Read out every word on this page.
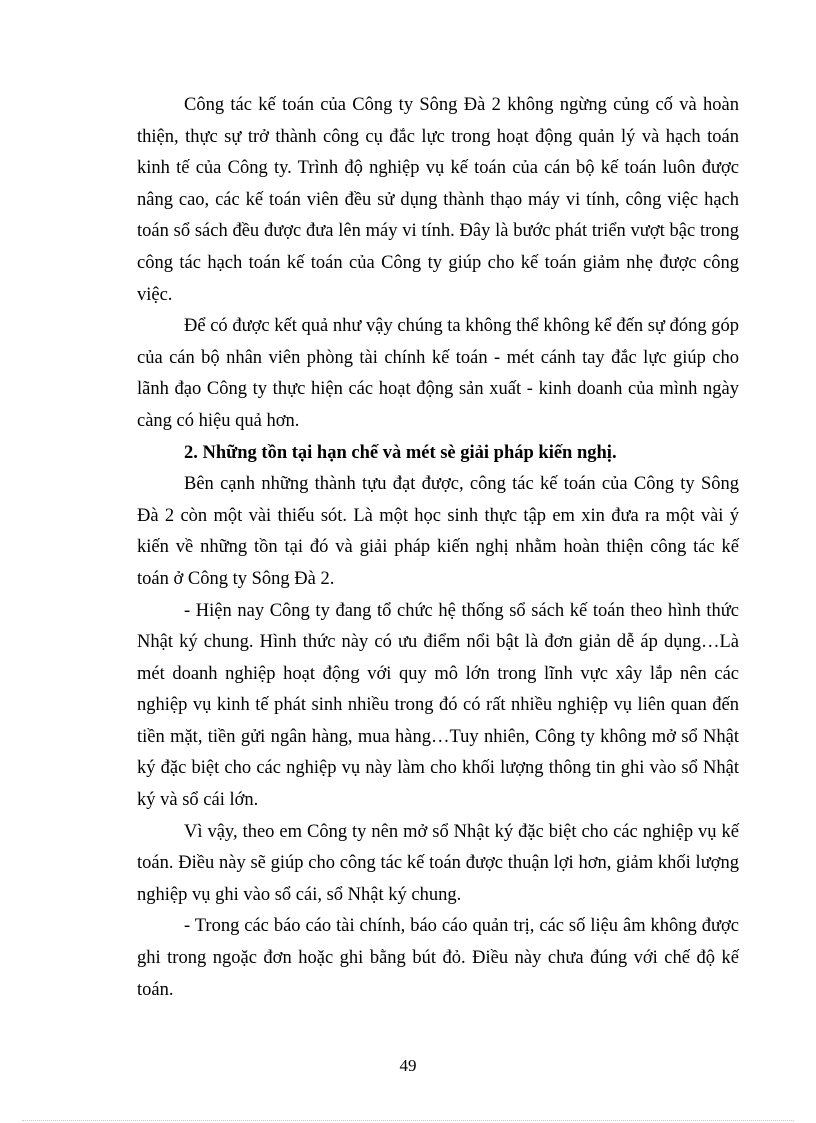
Công tác kế toán của Công ty Sông Đà 2 không ngừng củng cố và hoàn thiện, thực sự trở thành công cụ đắc lực trong hoạt động quản lý và hạch toán kinh tế của Công ty. Trình độ nghiệp vụ kế toán của cán bộ kế toán luôn được nâng cao, các kế toán viên đều sử dụng thành thạo máy vi tính, công việc hạch toán sổ sách đều được đưa lên máy vi tính. Đây là bước phát triển vượt bậc trong công tác hạch toán kế toán của Công ty giúp cho kế toán giảm nhẹ được công việc.

Để có được kết quả như vậy chúng ta không thể không kể đến sự đóng góp của cán bộ nhân viên phòng tài chính kế toán - mét cánh tay đắc lực giúp cho lãnh đạo Công ty thực hiện các hoạt động sản xuất - kinh doanh của mình ngày càng có hiệu quả hơn.

2. Những tồn tại hạn chế và mét sè giải pháp kiến nghị.

Bên cạnh những thành tựu đạt được, công tác kế toán của Công ty Sông Đà 2 còn một vài thiếu sót. Là một học sinh thực tập em xin đưa ra một vài ý kiến về những tồn tại đó và giải pháp kiến nghị nhằm hoàn thiện công tác kế toán ở Công ty Sông Đà 2.

- Hiện nay Công ty đang tổ chức hệ thống sổ sách kế toán theo hình thức Nhật ký chung. Hình thức này có ưu điểm nổi bật là đơn giản dễ áp dụng…Là mét doanh nghiệp hoạt động với quy mô lớn trong lĩnh vực xây lắp nên các nghiệp vụ kinh tế phát sinh nhiều trong đó có rất nhiều nghiệp vụ liên quan đến tiền mặt, tiền gửi ngân hàng, mua hàng…Tuy nhiên, Công ty không mở sổ Nhật ký đặc biệt cho các nghiệp vụ này làm cho khối lượng thông tin ghi vào sổ Nhật ký và sổ cái lớn.

Vì vậy, theo em Công ty nên mở sổ Nhật ký đặc biệt cho các nghiệp vụ kế toán. Điều này sẽ giúp cho công tác kế toán được thuận lợi hơn, giảm khối lượng nghiệp vụ ghi vào sổ cái, sổ Nhật ký chung.

- Trong các báo cáo tài chính, báo cáo quản trị, các số liệu âm không được ghi trong ngoặc đơn hoặc ghi bằng bút đỏ. Điều này chưa đúng với chế độ kế toán.

49
